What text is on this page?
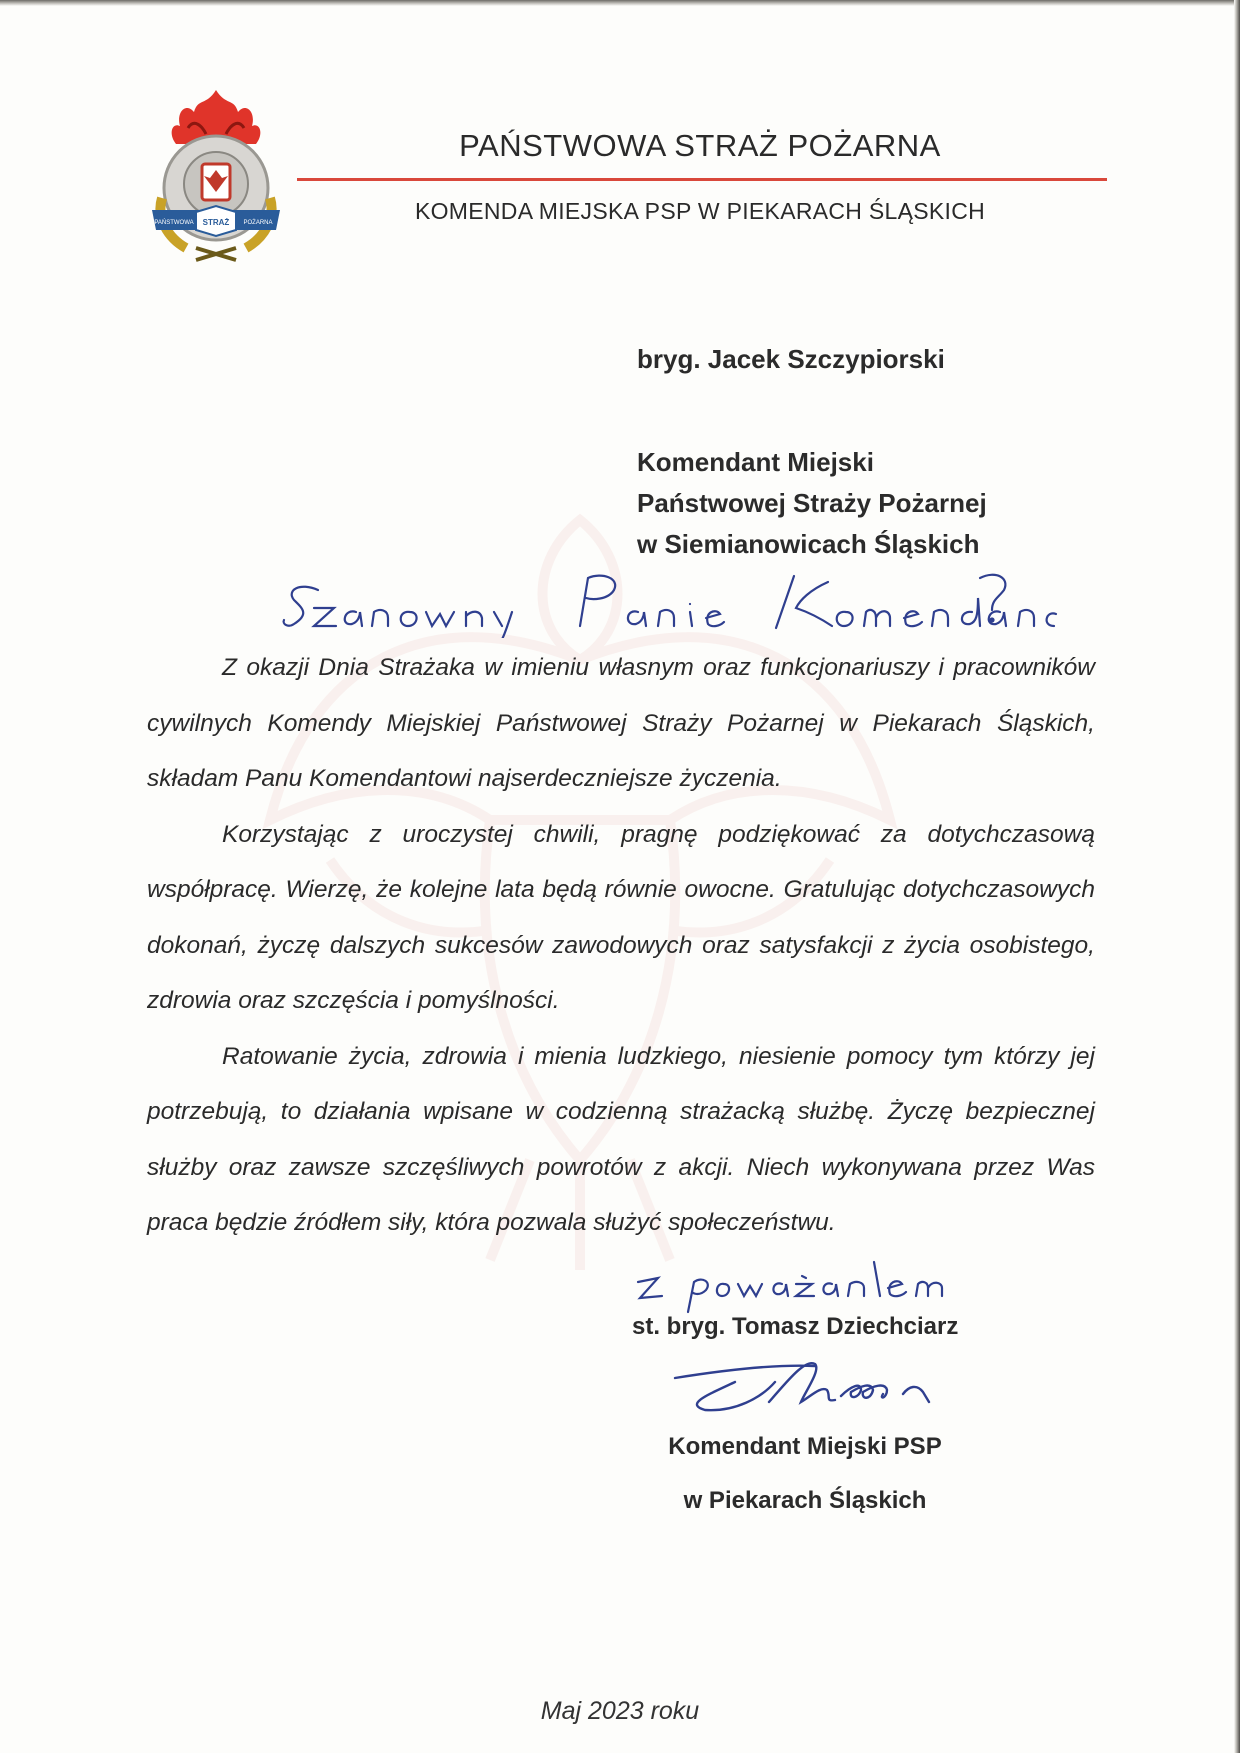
STRAŻ
PAŃSTWOWA	POŻARNA
PAŃSTWOWA STRAŻ POŻARNA
KOMENDA MIEJSKA PSP W PIEKARACH ŚLĄSKICH
bryg. Jacek Szczypiorski
Komendant Miejski
Państwowej Straży Pożarnej
w Siemianowicach Śląskich

Z okazji Dnia Strażaka w imieniu własnym oraz funkcjonariuszy i pracowników cywilnych Komendy Miejskiej Państwowej Straży Pożarnej w Piekarach Śląskich, składam Panu Komendantowi najserdeczniejsze życzenia.

Korzystając z uroczystej chwili, pragnę podziękować za dotychczasową współpracę. Wierzę, że kolejne lata będą równie owocne. Gratulując dotychczasowych dokonań, życzę dalszych sukcesów zawodowych oraz satysfakcji z życia osobistego, zdrowia oraz szczęścia i pomyślności.

Ratowanie życia, zdrowia i mienia ludzkiego, niesienie pomocy tym którzy jej potrzebują, to działania wpisane w codzienną strażacką służbę. Życzę bezpiecznej służby oraz zawsze szczęśliwych powrotów z akcji. Niech wykonywana przez Was praca będzie źródłem siły, która pozwala służyć społeczeństwu.

st. bryg. Tomasz Dziechciarz
Komendant Miejski PSP
w Piekarach Śląskich
Maj 2023 roku
